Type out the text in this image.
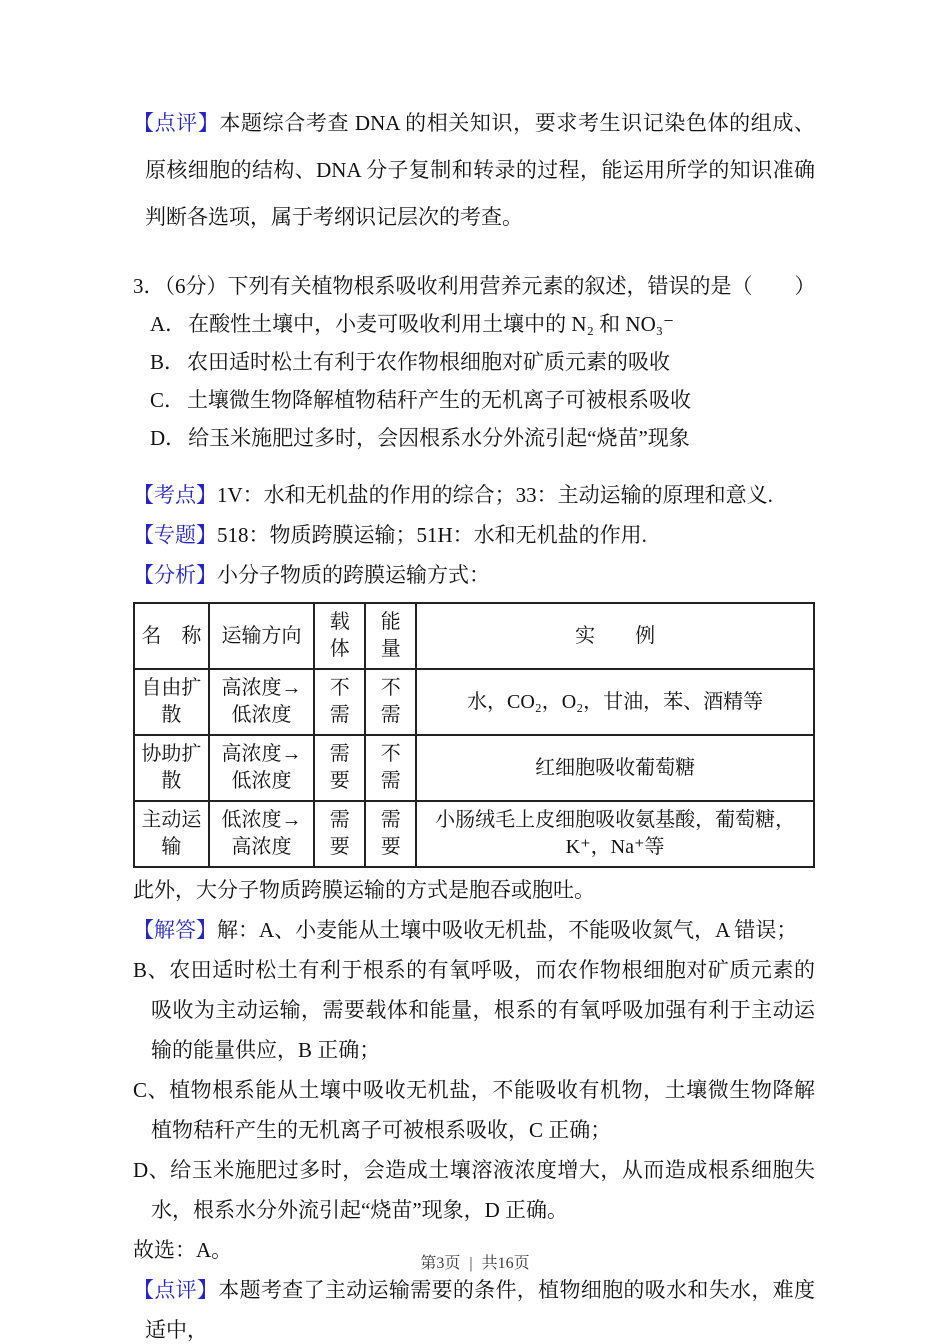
【点评】本题综合考查 DNA 的相关知识，要求考生识记染色体的组成、原核细胞的结构、DNA 分子复制和转录的过程，能运用所学的知识准确判断各选项，属于考纲识记层次的考查。

3．（6分）下列有关植物根系吸收利用营养元素的叙述，错误的是（　　）
A．在酸性土壤中，小麦可吸收利用土壤中的 N₂ 和 NO₃⁻
B．农田适时松土有利于农作物根细胞对矿质元素的吸收
C．土壤微生物降解植物秸秆产生的无机离子可被根系吸收
D．给玉米施肥过多时，会因根系水分外流引起“烧苗”现象
【考点】1V：水和无机盐的作用的综合；33：主动运输的原理和意义.
【专题】518：物质跨膜运输；51H：水和无机盐的作用.
【分析】小分子物质的跨膜运输方式：
名　称	运输方向	载体	能量	实　　例
自由扩散	高浓度→低浓度	不需	不需	水，CO₂，O₂，甘油，苯、酒精等
协助扩散	高浓度→低浓度	需要	不需	红细胞吸收葡萄糖
主动运输	低浓度→高浓度	需要	需要	小肠绒毛上皮细胞吸收氨基酸，葡萄糖，K⁺，Na⁺等

此外，大分子物质跨膜运输的方式是胞吞或胞吐。

【解答】解：A、小麦能从土壤中吸收无机盐，不能吸收氮气，A 错误；

B、农田适时松土有利于根系的有氧呼吸，而农作物根细胞对矿质元素的吸收为主动运输，需要载体和能量，根系的有氧呼吸加强有利于主动运输的能量供应，B 正确；

C、植物根系能从土壤中吸收无机盐，不能吸收有机物，土壤微生物降解植物秸秆产生的无机离子可被根系吸收，C 正确；

D、给玉米施肥过多时，会造成土壤溶液浓度增大，从而造成根系细胞失水，根系水分外流引起“烧苗”现象，D 正确。

故选：A。

【点评】本题考查了主动运输需要的条件，植物细胞的吸水和失水，难度适中，

第3页 | 共16页
